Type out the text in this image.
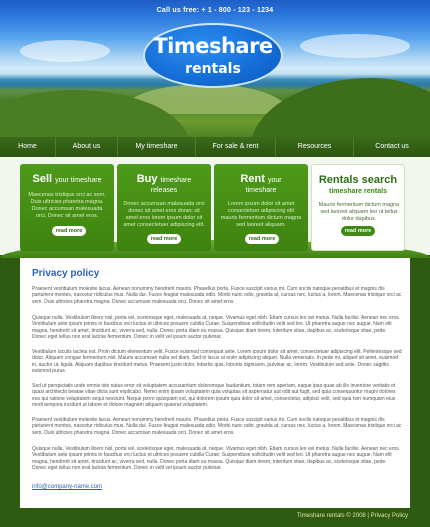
Call us free: + 1 - 800 - 123 - 1234
Timeshare
rentals
Home	About us	My timeshare	For sale & rent	Resources	Contact us
Sell your timeshare
Maecenas tristique orci ac sem. Duis ultricies pharetra magna. Donec accumsan malesuada orci. Donec sit amet eros.
Buy timeshare
releases
Donec accumsan malesuada orci donec sit amet eros donec sit amet eros lorem ipsum dolor sit amet consectetuer adipiscing elit.
Rent your
timeshare
Lorem ipsum dolor sit amet consectetuer adipiscing elit mauris fermentum dictum magna sed laoreet aliquam.
Rentals search
timeshare rentals
Mauris fermentum dictum magna sed laoreet aliquam leo ut tellus dolor dapibus.
read more
read more	read more
read more
Privacy policy

Praesent vestibulum molestie lacus. Aenean nonummy hendrerit mauris. Phasellus porta. Fusce suscipit varius mi. Cum sociis natoque penatibus et magnis dis parturient montes, nascetur ridiculus mus. Nulla dui. Fusce feugiat malesuada odio. Morbi nunc odio, gravida at, cursus nec, luctus a, lorem. Maecenas tristique orci ac sem. Duis ultricies pharetra magna. Donec accumsan malesuada orci. Donec sit amet eros.

Quisque nulla. Vestibulum libero nisl, porta vel, scelerisque eget, malesuada at, neque. Vivamus eget nibh. Etiam cursus leo vel metus. Nulla facilisi. Aenean nec eros. Vestibulum ante ipsum primis in faucibus orci luctus et ultrices posuere cubilia Curae; Suspendisse sollicitudin velit sed leo. Ut pharetra augue nec augue. Nam elit magna, hendrerit sit amet, tincidunt ac, viverra sed, nulla. Donec porta diam eu massa. Quisque diam lorem, interdum vitae, dapibus ac, scelerisque vitae, pede. Donec eget tellus non erat lacinia fermentum. Donec in velit vel ipsum auctor pulvinar.

Vestibulum iaculis lacinia est. Proin dictum elementum velit. Fusce euismod consequat ante. Lorem ipsum dolor sit amet, consectetuer adipiscing elit. Pellentesque sed dolor. Aliquam congue fermentum nisl. Mauris accumsan nulla vel diam. Sed in lacus ut enim adipiscing aliquet. Nulla venenatis. In pede mi, aliquet sit amet, euismod in, auctor ut, ligula. Aliquam dapibus tincidunt metus. Praesent justo dolor, lobortis quis, lobortis dignissim, pulvinar ac, lorem. Vestibulum sed ante. Donec sagittis euismod purus.

Sed ut perspiciatis unde omnis iste natus error sit voluptatem accusantium doloremque laudantium, totam rem aperiam, eaque ipsa quae ab illo inventore veritatis et quasi architecto beatae vitae dicta sunt explicabo. Nemo enim ipsam voluptatem quia voluptas sit aspernatur aut odit aut fugit, sed quia consequuntur magni dolores eos qui ratione voluptatem sequi nesciunt. Neque porro quisquam est, qui dolorem ipsum quia dolor sit amet, consectetur, adipisci velit, sed quia non numquam eius modi tempora incidunt ut labore et dolore magnam aliquam quaerat voluptatem.

Praesent vestibulum molestie lacus. Aenean nonummy hendrerit mauris. Phasellus porta. Fusce suscipit varius mi. Cum sociis natoque penatibus et magnis dis parturient montes, nascetur ridiculus mus. Nulla dui. Fusce feugiat malesuada odio. Morbi nunc odio, gravida at, cursus nec, luctus a, lorem. Maecenas tristique orci ac sem. Duis ultricies pharetra magna. Donec accumsan malesuada orci. Donec sit amet eros.

Quisque nulla. Vestibulum libero nisl, porta vel, scelerisque eget, malesuada at, neque. Vivamus eget nibh. Etiam cursus leo vel metus. Nulla facilisi. Aenean nec eros. Vestibulum ante ipsum primis in faucibus orci luctus et ultrices posuere cubilia Curae; Suspendisse sollicitudin velit sed leo. Ut pharetra augue nec augue. Nam elit magna, hendrerit sit amet, tincidunt ac, viverra sed, nulla. Donec porta diam eu massa. Quisque diam lorem, interdum vitae, dapibus ac, scelerisque vitae, pede. Donec eget tellus non erat lacinia fermentum. Donec in velit vel ipsum auctor pulvinar.

info@company-name.com
Timeshare rentals © 2008 | Privacy Policy
